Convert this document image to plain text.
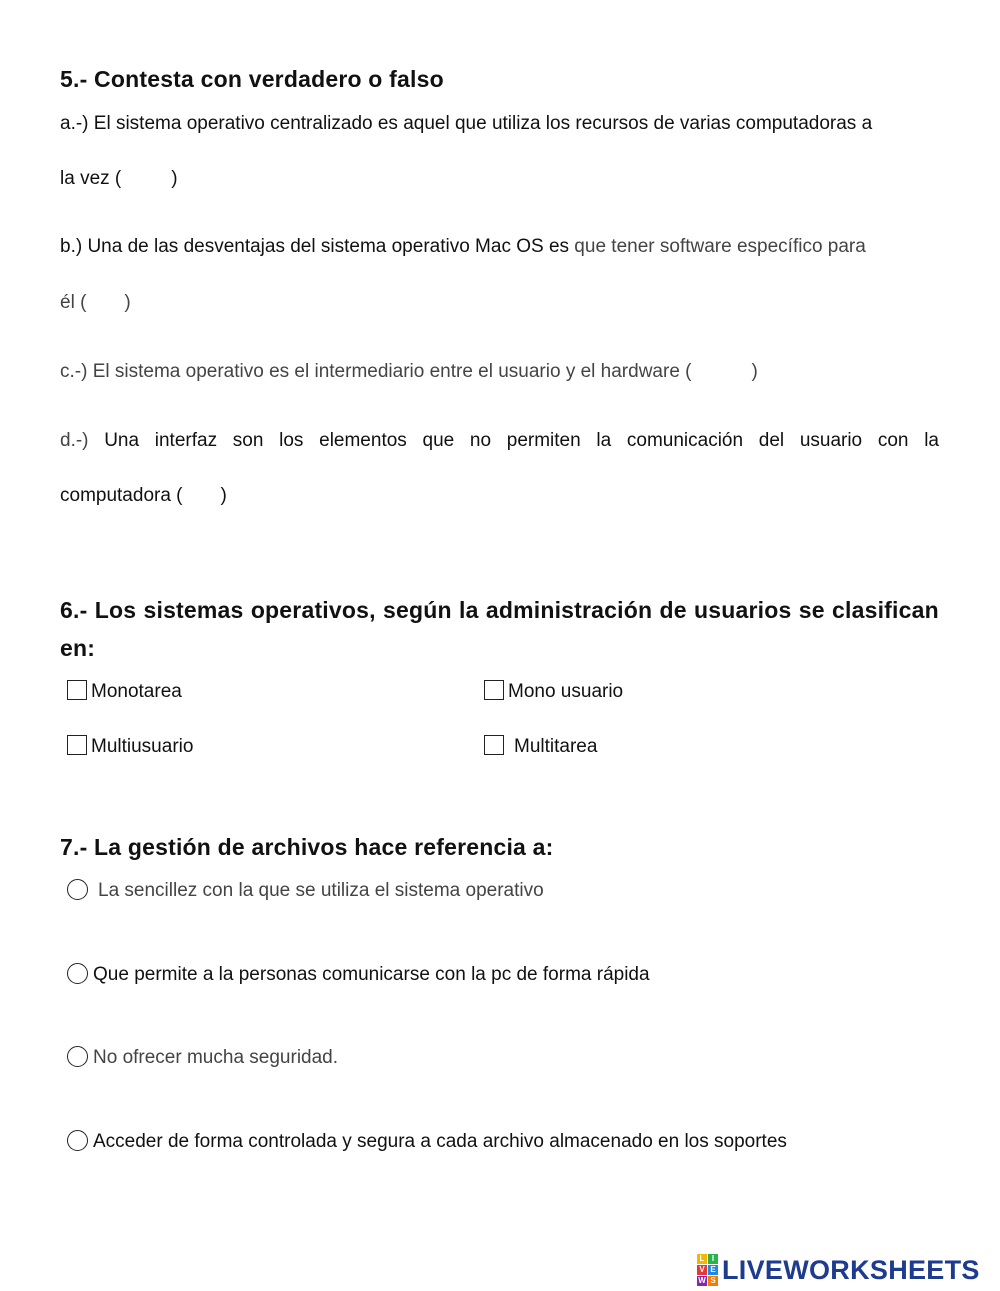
5.- Contesta con verdadero o falso
a.-) El sistema operativo centralizado es aquel que utiliza los recursos de varias computadoras a
la vez (	)
b.) Una de las desventajas del sistema operativo Mac OS es que tener software específico para
él ( )
c.-) El sistema operativo es el intermediario entre el usuario y el hardware (	)
d.-) Una interfaz son los elementos que no permiten la comunicación del usuario con la
computadora ( )
6.- Los sistemas operativos, según la administración de usuarios se clasifican
en:
Monotarea	Mono usuario
Multiusuario	Multitarea
7.- La gestión de archivos hace referencia a:
La sencillez con la que se utiliza el sistema operativo
Que permite a la personas comunicarse con la pc de forma rápida
No ofrecer mucha seguridad.
Acceder de forma controlada y segura a cada archivo almacenado en los soportes
L I
V E
W S LIVEWORKSHEETS
